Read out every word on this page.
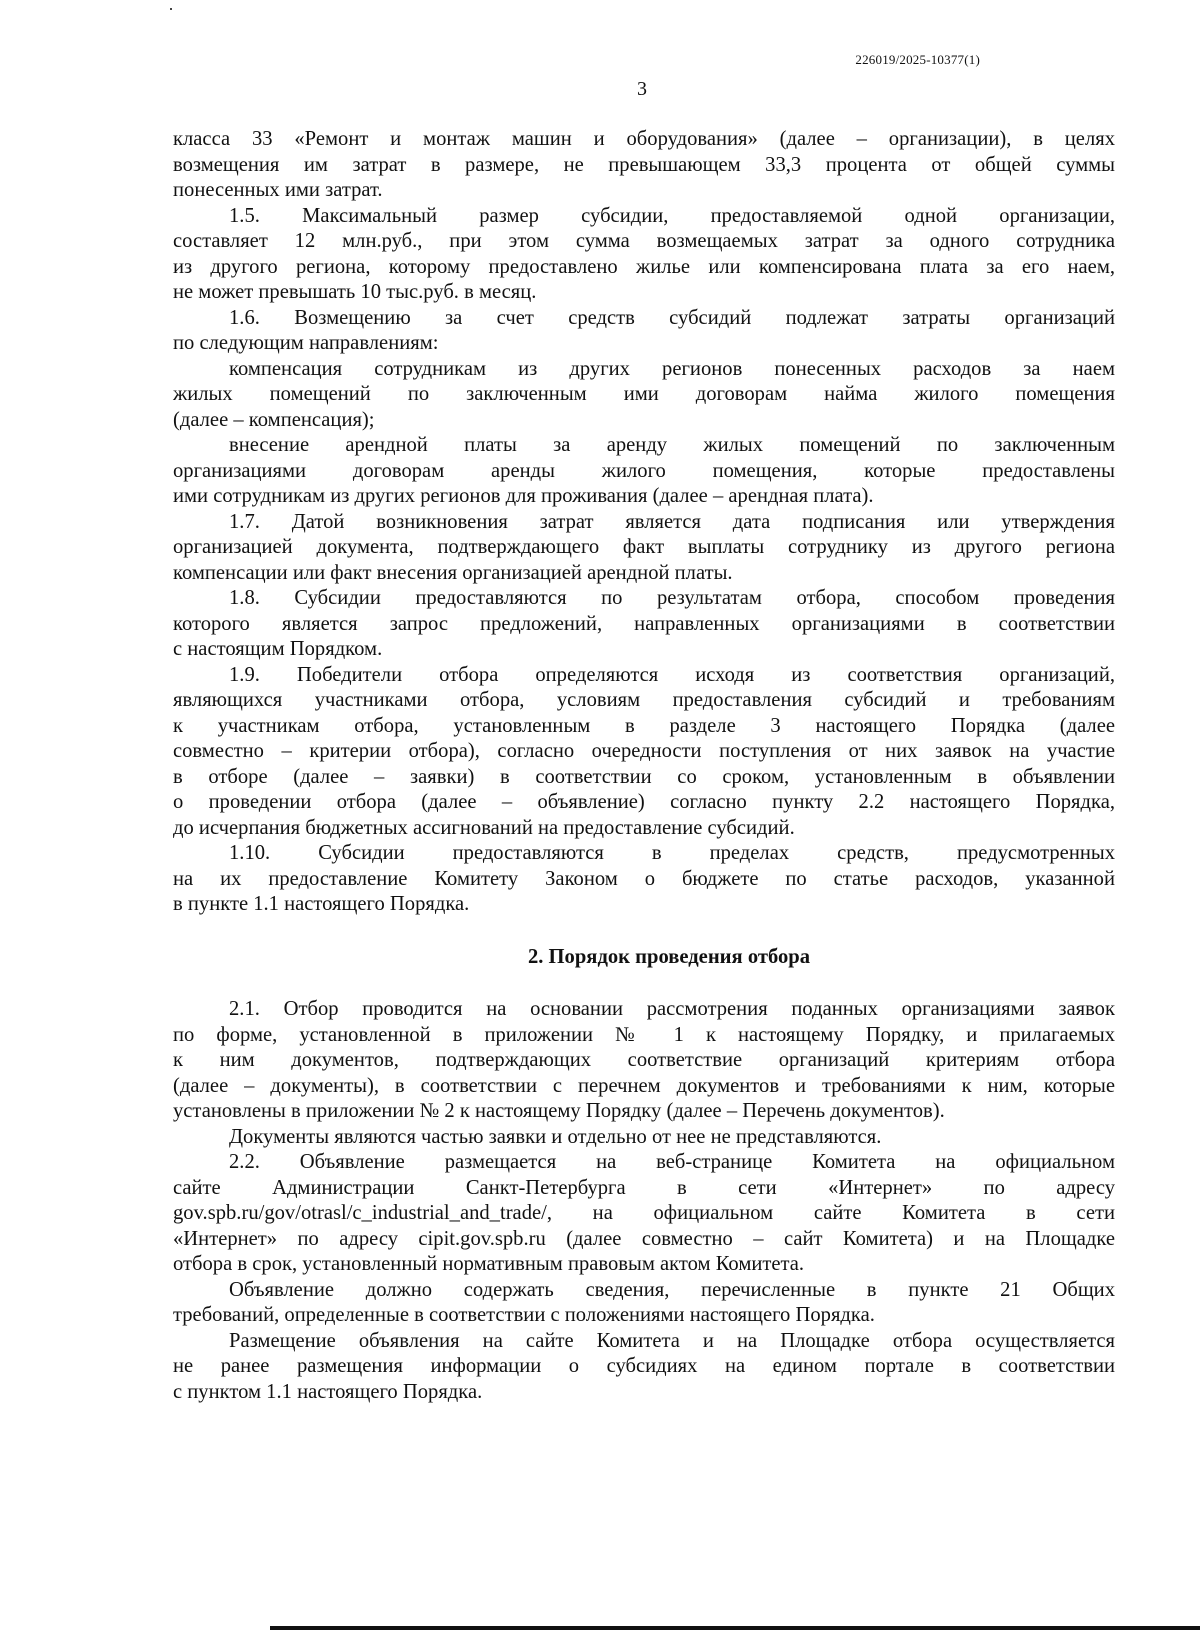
226019/2025-10377(1)
3

класса 33 «Ремонт и монтаж машин и оборудования» (далее – организации), в целях

возмещения им затрат в размере, не превышающем 33,3 процента от общей суммы

понесенных ими затрат.

1.5. Максимальный размер субсидии, предоставляемой одной организации,

составляет 12 млн.руб., при этом сумма возмещаемых затрат за одного сотрудника

из другого региона, которому предоставлено жилье или компенсирована плата за его наем,

не может превышать 10 тыс.руб. в месяц.

1.6. Возмещению за счет средств субсидий подлежат затраты организаций

по следующим направлениям:

компенсация сотрудникам из других регионов понесенных расходов за наем

жилых помещений по заключенным ими договорам найма жилого помещения

(далее – компенсация);

внесение арендной платы за аренду жилых помещений по заключенным

организациями договорам аренды жилого помещения, которые предоставлены

ими сотрудникам из других регионов для проживания (далее – арендная плата).

1.7. Датой возникновения затрат является дата подписания или утверждения

организацией документа, подтверждающего факт выплаты сотруднику из другого региона

компенсации или факт внесения организацией арендной платы.

1.8. Субсидии предоставляются по результатам отбора, способом проведения

которого является запрос предложений, направленных организациями в соответствии

с настоящим Порядком.

1.9. Победители отбора определяются исходя из соответствия организаций,

являющихся участниками отбора, условиям предоставления субсидий и требованиям

к участникам отбора, установленным в разделе 3 настоящего Порядка (далее

совместно – критерии отбора), согласно очередности поступления от них заявок на участие

в отборе (далее – заявки) в соответствии со сроком, установленным в объявлении

о проведении отбора (далее – объявление) согласно пункту 2.2 настоящего Порядка,

до исчерпания бюджетных ассигнований на предоставление субсидий.

1.10. Субсидии предоставляются в пределах средств, предусмотренных

на их предоставление Комитету Законом о бюджете по статье расходов, указанной

в пункте 1.1 настоящего Порядка.

2. Порядок проведения отбора

2.1. Отбор проводится на основании рассмотрения поданных организациями заявок

по форме, установленной в приложении № 1 к настоящему Порядку, и прилагаемых

к ним документов, подтверждающих соответствие организаций критериям отбора

(далее – документы), в соответствии с перечнем документов и требованиями к ним, которые

установлены в приложении № 2 к настоящему Порядку (далее – Перечень документов).

Документы являются частью заявки и отдельно от нее не представляются.

2.2. Объявление размещается на веб-странице Комитета на официальном

сайте Администрации Санкт-Петербурга в сети «Интернет» по адресу

gov.spb.ru/gov/otrasl/c_industrial_and_trade/, на официальном сайте Комитета в сети

«Интернет» по адресу cipit.gov.spb.ru (далее совместно – сайт Комитета) и на Площадке

отбора в срок, установленный нормативным правовым актом Комитета.

Объявление должно содержать сведения, перечисленные в пункте 21 Общих

требований, определенные в соответствии с положениями настоящего Порядка.

Размещение объявления на сайте Комитета и на Площадке отбора осуществляется

не ранее размещения информации о субсидиях на едином портале в соответствии

с пунктом 1.1 настоящего Порядка.
